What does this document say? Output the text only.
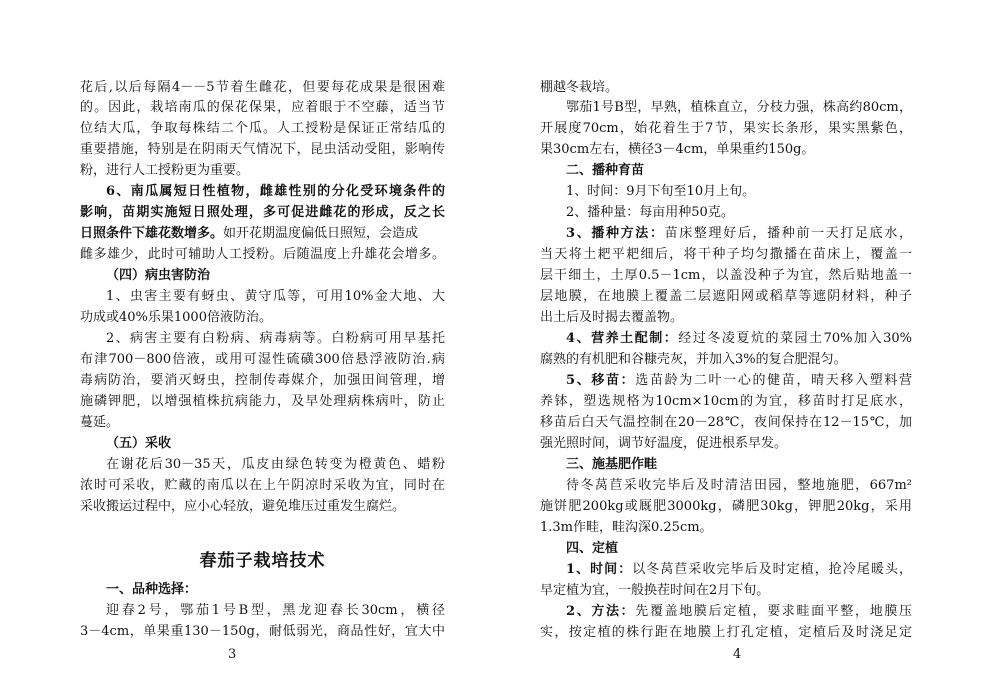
花后,以后每隔4－－5节着生雌花，但要每花成果是很困难
的。因此，栽培南瓜的保花保果，应着眼于不空藤，适当节
位结大瓜，争取每株结二个瓜。人工授粉是保证正常结瓜的
重要措施，特别是在阴雨天气情况下，昆虫活动受阻，影响传
粉，进行人工授粉更为重要。
6、南瓜属短日性植物，雌雄性别的分化受环境条件的
影响，苗期实施短日照处理，多可促进雌花的形成，反之长
日照条件下雄花数增多。如开花期温度偏低日照短，会造成
雌多雄少，此时可辅助人工授粉。后随温度上升雄花会增多。
（四）病虫害防治
1、虫害主要有蚜虫、黄守瓜等，可用10%金大地、大
功成或40%乐果1000倍液防治。
2、病害主要有白粉病、病毒病等。白粉病可用早基托
布津700－800倍液，或用可湿性硫磺300倍悬浮液防治.病
毒病防治，要消灭蚜虫，控制传毒媒介，加强田间管理，增
施磷钾肥，以增强植株抗病能力，及早处理病株病叶，防止
蔓延。
（五）采收
在谢花后30－35天，瓜皮由绿色转变为橙黄色、蜡粉
浓时可采收，贮藏的南瓜以在上午阴凉时采收为宜，同时在
采收搬运过程中，应小心轻放，避免堆压过重发生腐烂。
春茄子栽培技术
一、品种选择：
迎春2号，鄂茄1号B型，黑龙迎春长30cm，横径
3－4cm，单果重130－150g，耐低弱光，商品性好，宜大中
3
棚越冬栽培。
鄂茄1号B型，早熟，植株直立，分枝力强，株高约80cm，
开展度70cm，始花着生于7节，果实长条形，果实黑紫色，
果30cm左右，横径3－4cm，单果重约150g。
二、播种育苗
1、时间：9月下旬至10月上旬。
2、播种量：每亩用种50克。
3、播种方法：苗床整理好后，播种前一天打足底水，
当天将土耙平耙细后，将干种子均匀撒播在苗床上，覆盖一
层干细土，土厚0.5－1cm，以盖没种子为宜，然后贴地盖一
层地膜，在地膜上覆盖二层遮阳网或稻草等遮阴材料，种子
出土后及时揭去覆盖物。
4、营养土配制：经过冬凌夏炕的菜园土70%加入30%
腐熟的有机肥和谷糠壳灰，并加入3%的复合肥混匀。
5、移苗：选苗龄为二叶一心的健苗，晴天移入塑料营
养钵，塑选规格为10cm×10cm的为宜，移苗时打足底水，
移苗后白天气温控制在20－28℃，夜间保持在12－15℃，加
强光照时间，调节好温度，促进根系早发。
三、施基肥作畦
待冬莴苣采收完毕后及时清洁田园，整地施肥，667m²
施饼肥200kg或厩肥3000kg，磷肥30kg，钾肥20kg，采用
1.3m作畦，畦沟深0.25cm。
四、定植
1、时间：以冬莴苣采收完毕后及时定植，抢冷尾暖头，
早定植为宜，一般换茬时间在2月下旬。
2、方法：先覆盖地膜后定植，要求畦面平整，地膜压
实，按定植的株行距在地膜上打孔定植，定植后及时浇足定
4
